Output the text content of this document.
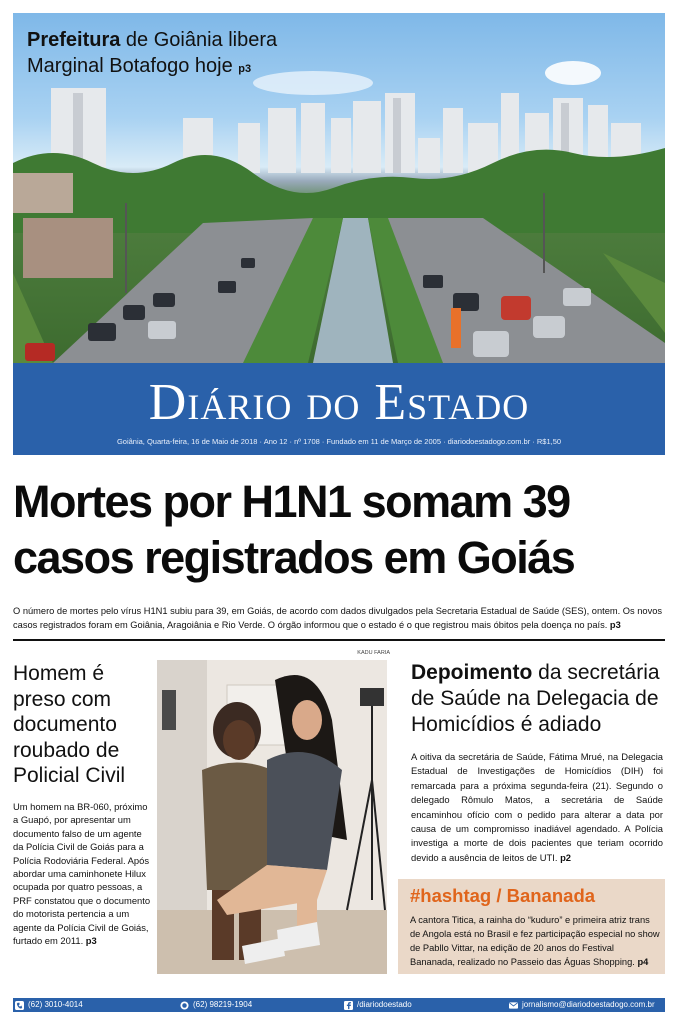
Prefeitura de Goiânia libera
Marginal Botafogo hoje p3
Diário do Estado
Goiânia, Quarta-feira, 16 de Maio de 2018 · Ano 12 · nº 1708 · Fundado em 11 de Março de 2005 · diariodoestadogo.com.br · R$1,50
Mortes por H1N1 somam 39
casos registrados em Goiás
O número de mortes pelo vírus H1N1 subiu para 39, em Goiás, de acordo com dados divulgados pela Secretaria Estadual de Saúde (SES), ontem. Os novos casos registrados foram em Goiânia, Aragoiânia e Rio Verde. O órgão informou que o estado é o que registrou mais óbitos pela doença no país. p3
Homem é preso com documento roubado de Policial Civil
Um homem na BR-060, próximo a Guapó, por apresentar um documento falso de um agente da Polícia Civil de Goiás para a Polícia Rodoviária Federal. Após abordar uma caminhonete Hilux ocupada por quatro pessoas, a PRF constatou que o documento do motorista pertencia a um agente da Polícia Civil de Goiás, furtado em 2011. p3
KADU FARIA
Depoimento da secretária de Saúde na Delegacia de Homicídios é adiado
A oitiva da secretária de Saúde, Fátima Mrué, na Delegacia Estadual de Investigações de Homicídios (DIH) foi remarcada para a próxima segunda-feira (21). Segundo o delegado Rômulo Matos, a secretária de Saúde encaminhou ofício com o pedido para alterar a data por causa de um compromisso inadiável agendado. A Polícia investiga a morte de dois pacientes que teriam ocorrido devido a ausência de leitos de UTI. p2
#hashtag / Bananada
A cantora Titica, a rainha do “kuduro” e primeira atriz trans de Angola está no Brasil e fez participação especial no show de Pabllo Vittar, na edição de 20 anos do Festival Bananada, realizado no Passeio das Águas Shopping. p4
(62) 3010-4014	(62) 98219-1904	/diariodoestado	jornalismo@diariodoestadogo.com.br
